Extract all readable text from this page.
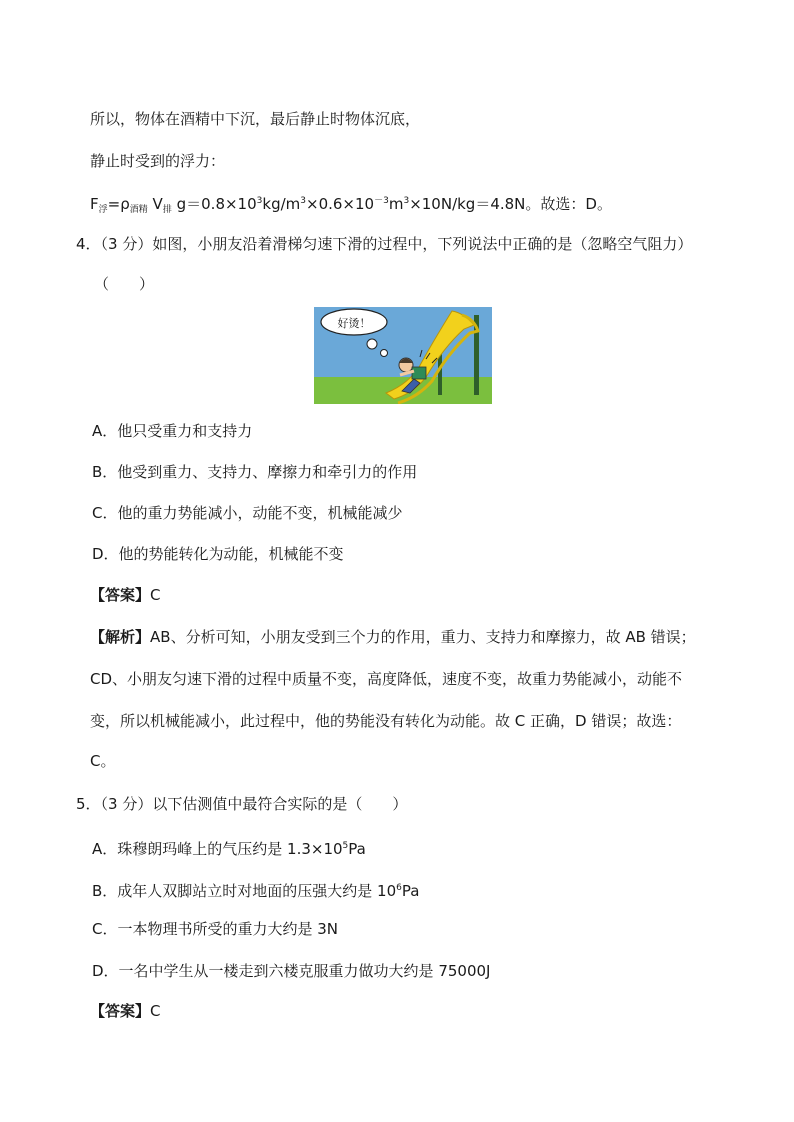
所以，物体在酒精中下沉，最后静止时物体沉底，
静止时受到的浮力：
$F_浮=\rho_{酒精}$ $V_排$ $g=0.8\times 10^3kg/m^3\times 0.6\times 10^{-3}m^3\times 10N/kg=4.8N$。故选：D。
4．（3 分）如图，小朋友沿着滑梯匀速下滑的过程中，下列说法中正确的是（忽略空气阻力）
（　　）
好烫！
A．他只受重力和支持力
B．他受到重力、支持力、摩擦力和牵引力的作用
C．他的重力势能减小，动能不变，机械能减少
D．他的势能转化为动能，机械能不变
【答案】C
【解析】AB、分析可知，小朋友受到三个力的作用，重力、支持力和摩擦力，故 AB 错误；
CD、小朋友匀速下滑的过程中质量不变，高度降低，速度不变，故重力势能减小，动能不
变，所以机械能减小，此过程中，他的势能没有转化为动能。故 C 正确，D 错误；故选：
C。
5．（3 分）以下估测值中最符合实际的是（　　）
A．珠穆朗玛峰上的气压约是 $1.3\times 10^5Pa$
B．成年人双脚站立时对地面的压强大约是 $10^6Pa$
C．一本物理书所受的重力大约是 3N
D．一名中学生从一楼走到六楼克服重力做功大约是 75000J
【答案】C
